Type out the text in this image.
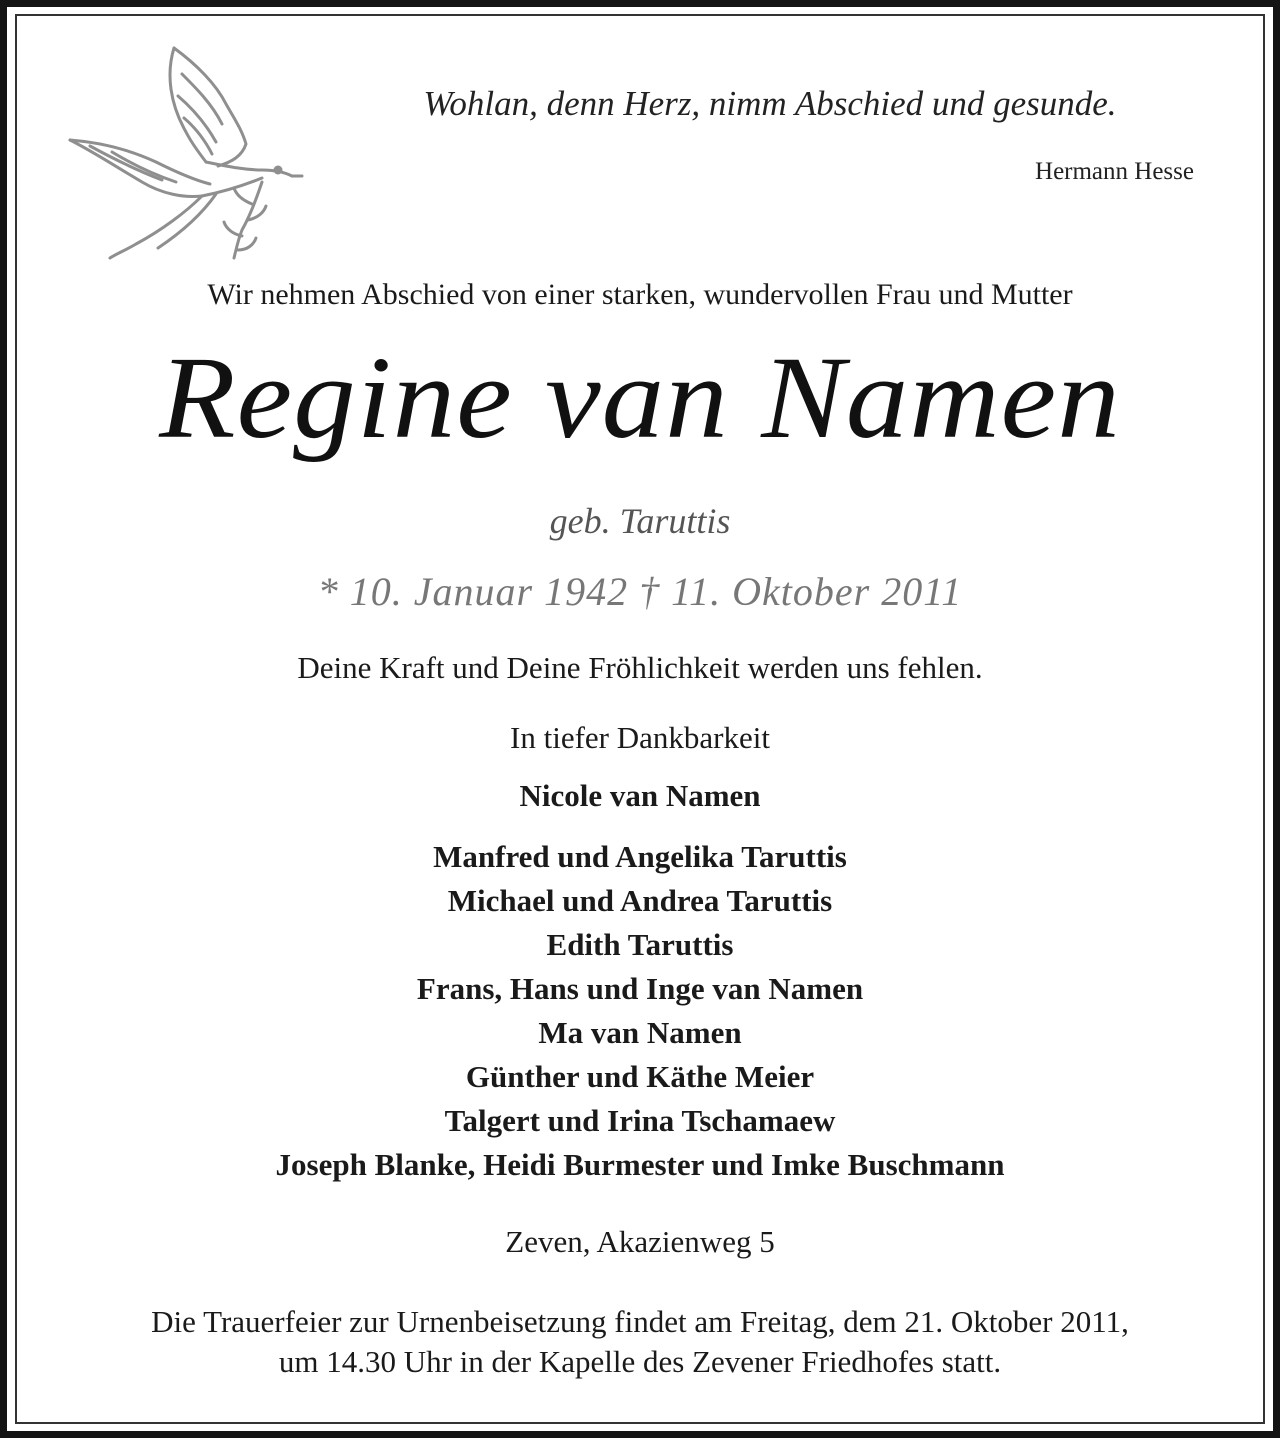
Wohlan, denn Herz, nimm Abschied und gesunde.
Hermann Hesse
Wir nehmen Abschied von einer starken, wundervollen Frau und Mutter
Regine van Namen
geb. Taruttis
* 10. Januar 1942 † 11. Oktober 2011
Deine Kraft und Deine Fröhlichkeit werden uns fehlen.
In tiefer Dankbarkeit
Nicole van Namen
Manfred und Angelika Taruttis
Michael und Andrea Taruttis
Edith Taruttis
Frans, Hans und Inge van Namen
Ma van Namen
Günther und Käthe Meier
Talgert und Irina Tschamaew
Joseph Blanke, Heidi Burmester und Imke Buschmann
Zeven, Akazienweg 5
Die Trauerfeier zur Urnenbeisetzung findet am Freitag, dem 21. Oktober 2011,
um 14.30 Uhr in der Kapelle des Zevener Friedhofes statt.
